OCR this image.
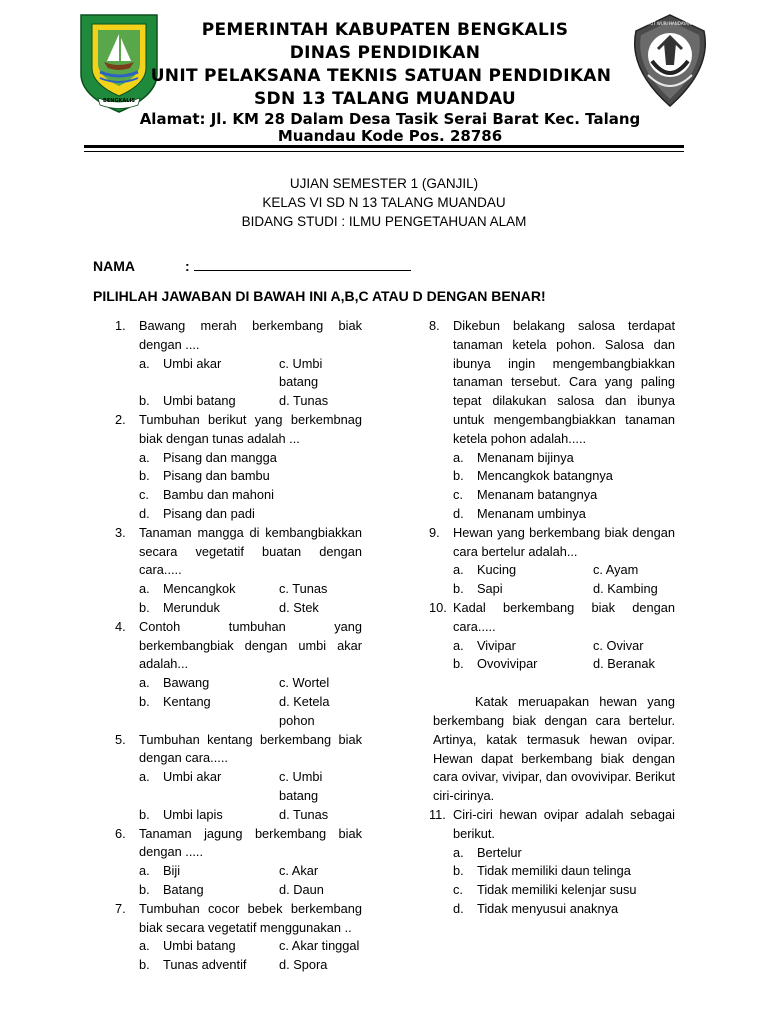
BENGKALIS
TUT WURI HANDAYANI
PEMERINTAH KABUPATEN BENGKALIS
DINAS PENDIDIKAN
UNIT PELAKSANA TEKNIS SATUAN PENDIDIKAN
SDN 13 TALANG MUANDAU
Alamat: Jl. KM 28 Dalam Desa Tasik Serai Barat Kec. Talang
Muandau Kode Pos. 28786
UJIAN SEMESTER 1 (GANJIL)
KELAS VI SD N 13 TALANG MUANDAU
BIDANG STUDI : ILMU PENGETAHUAN ALAM
NAMA	:
PILIHLAH JAWABAN DI BAWAH INI A,B,C ATAU D DENGAN BENAR!
1.	Bawang merah berkembang biak dengan ....
a.	Umbi akar	c. Umbi batang
b.	Umbi batang	d. Tunas
2.	Tumbuhan berikut yang berkembnag biak dengan tunas adalah ...
a.	Pisang dan mangga
b.	Pisang dan bambu
c.	Bambu dan mahoni
d.	Pisang dan padi
3.	Tanaman mangga di kembangbiakkan secara vegetatif buatan dengan cara.....
a.	Mencangkok	c. Tunas
b.	Merunduk	d. Stek
4.	Contoh tumbuhan yang berkembangbiak dengan umbi akar adalah...
a.	Bawang	c. Wortel
b.	Kentang	d. Ketela pohon
5.	Tumbuhan kentang berkembang biak dengan cara.....
a.	Umbi akar	c. Umbi batang
b.	Umbi lapis	d. Tunas
6.	Tanaman jagung berkembang biak dengan .....
a.	Biji	c. Akar
b.	Batang	d. Daun
7.	Tumbuhan cocor bebek berkembang biak secara vegetatif menggunakan ..
a.	Umbi batang	c. Akar tinggal
b.	Tunas adventif	d. Spora
8.	Dikebun belakang salosa terdapat tanaman ketela pohon. Salosa dan ibunya ingin mengembangbiakkan tanaman tersebut. Cara yang paling tepat dilakukan salosa dan ibunya untuk mengembangbiakkan tanaman ketela pohon adalah.....
a.	Menanam bijinya
b.	Mencangkok batangnya
c.	Menanam batangnya
d.	Menanam umbinya
9.	Hewan yang berkembang biak dengan cara bertelur adalah...
a.	Kucing	c. Ayam
b.	Sapi	d. Kambing
10. Kadal berkembang biak dengan cara.....
a.	Vivipar	c. Ovivar
b.	Ovovivipar	d. Beranak
Katak meruapakan hewan yang berkembang biak dengan cara bertelur. Artinya, katak termasuk hewan ovipar. Hewan dapat berkembang biak dengan cara ovivar, vivipar, dan ovovivipar. Berikut ciri-cirinya.
11. Ciri-ciri hewan ovipar adalah sebagai berikut.
a.	Bertelur
b.	Tidak memiliki daun telinga
c.	Tidak memiliki kelenjar susu
d.	Tidak menyusui anaknya
